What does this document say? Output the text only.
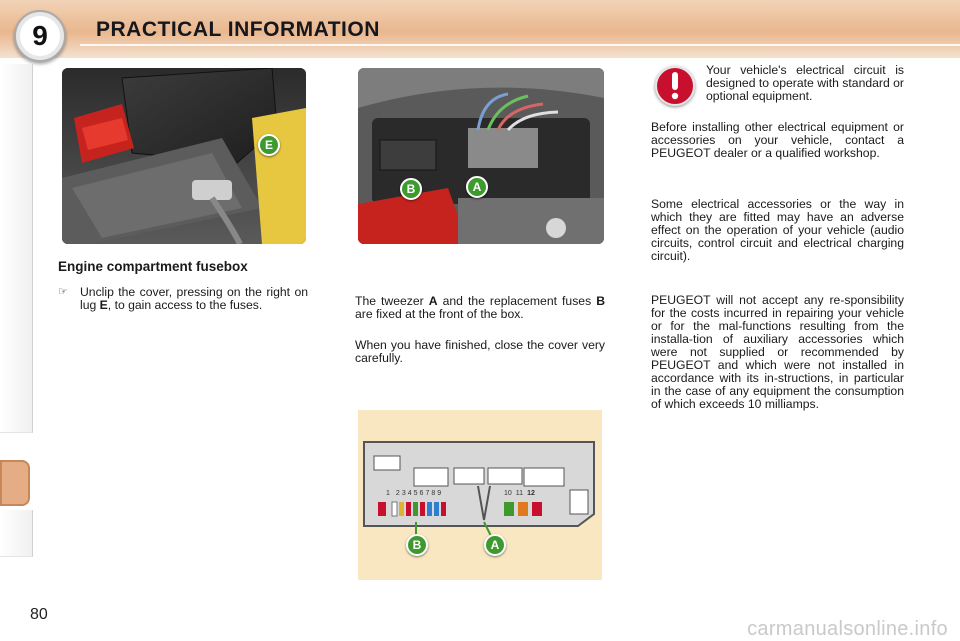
9	PRACTICAL INFORMATION
E
B	A
Engine compartment fusebox
☞ Unclip the cover, pressing on the right on lug E, to gain access to the fuses.	The tweezer A and the replacement fuses B are fixed at the front of the box.
When you have finished, close the cover very carefully.
1 2 3 4 5 6 7 8 9	10 11 12
B	A
Your vehicle's electrical circuit is designed to operate with standard or optional equipment.
Before installing other electrical equipment or accessories on your vehicle, contact a PEUGEOT dealer or a qualified workshop.
Some electrical accessories or the way in which they are fitted may have an adverse effect on the operation of your vehicle (audio circuits, control circuit and electrical charging circuit).
PEUGEOT will not accept any re-sponsibility for the costs incurred in repairing your vehicle or for the mal-functions resulting from the installa-tion of auxiliary accessories which were not supplied or recommended by PEUGEOT and which were not installed in accordance with its in-structions, in particular in the case of any equipment the consumption of which exceeds 10 milliamps.
80
carmanualsonline.info
